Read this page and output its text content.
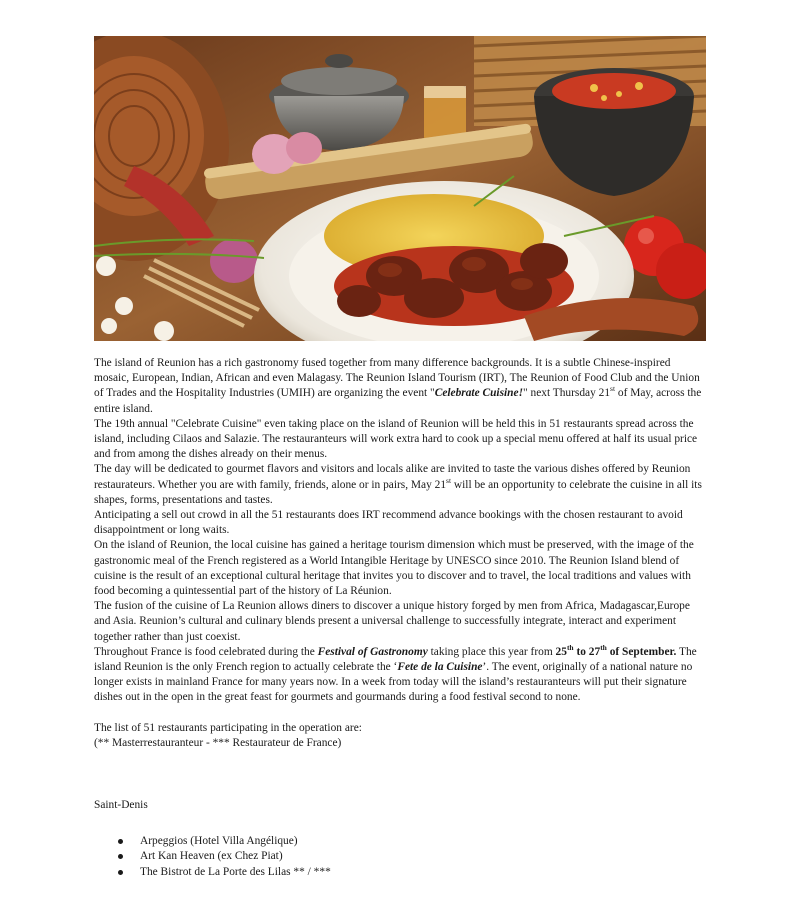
The island of Reunion has a rich gastronomy fused together from many difference backgrounds. It is a subtle Chinese-inspired mosaic, European, Indian, African and even Malagasy. The Reunion Island Tourism (IRT), The Reunion of Food Club and the Union of Trades and the Hospitality Industries (UMIH) are organizing the event "Celebrate Cuisine!" next Thursday 21st of May, across the entire island.

The 19th annual "Celebrate Cuisine" even taking place on the island of Reunion will be held this in 51 restaurants spread across the island, including Cilaos and Salazie. The restauranteurs will work extra hard to cook up a special menu offered at half its usual price and from among the dishes already on their menus.

The day will be dedicated to gourmet flavors and visitors and locals alike are invited to taste the various dishes offered by Reunion restaurateurs. Whether you are with family, friends, alone or in pairs, May 21st will be an opportunity to celebrate the cuisine in all its shapes, forms, presentations and tastes.

Anticipating a sell out crowd in all the 51 restaurants does IRT recommend advance bookings with the chosen restaurant to avoid disappointment or long waits.

On the island of Reunion, the local cuisine has gained a heritage tourism dimension which must be preserved, with the image of the gastronomic meal of the French registered as a World Intangible Heritage by UNESCO since 2010. The Reunion Island blend of cuisine is the result of an exceptional cultural heritage that invites you to discover and to travel, the local traditions and values with food becoming a quintessential part of the history of La Réunion.

The fusion of the cuisine of La Reunion allows diners to discover a unique history forged by men from Africa, Madagascar,Europe and Asia. Reunion’s cultural and culinary blends present a universal challenge to successfully integrate, interact and experiment together rather than just coexist.

Throughout France is food celebrated during the Festival of Gastronomy taking place this year from 25th to 27th of September. The island Reunion is the only French region to actually celebrate the ‘Fete de la Cuisine’. The event, originally of a national nature no longer exists in mainland France for many years now. In a week from today will the island’s restauranteurs will put their signature dishes out in the open in the great feast for gourmets and gourmands during a food festival second to none.

The list of 51 restaurants participating in the operation are:

(** Masterrestauranteur - *** Restaurateur de France)

Saint-Denis
Arpeggios (Hotel Villa Angélique)
Art Kan Heaven (ex Chez Piat)
The Bistrot de La Porte des Lilas ** / ***
